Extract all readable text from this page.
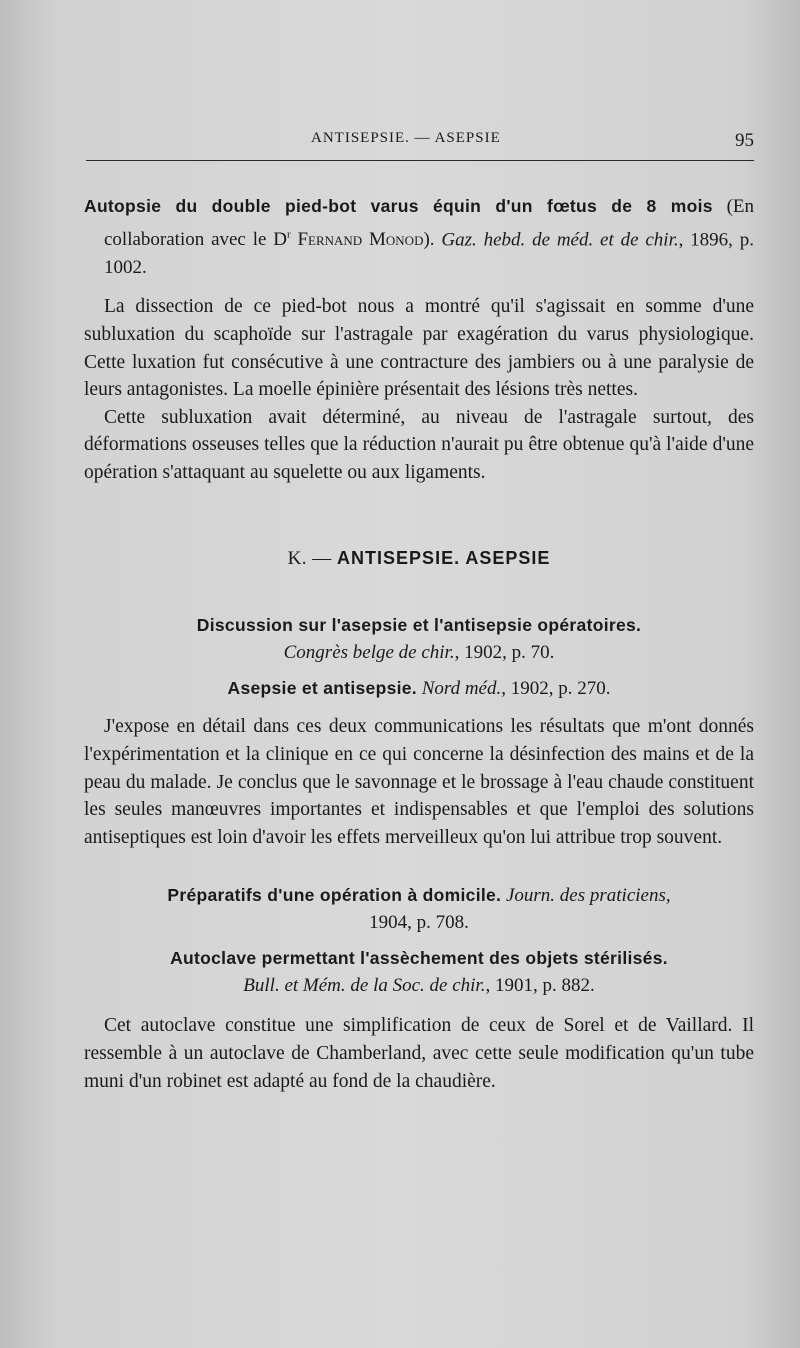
ANTISEPSIE. — ASEPSIE	95

Autopsie du double pied-bot varus équin d'un fœtus de 8 mois (En collaboration avec le $D^r$ Fernand Monod). Gaz. hebd. de méd. et de chir., 1896, p. 1002.

La dissection de ce pied-bot nous a montré qu'il s'agissait en somme d'une subluxation du scaphoïde sur l'astragale par exagération du varus physiologique. Cette luxation fut consécutive à une contracture des jambiers ou à une paralysie de leurs antagonistes. La moelle épinière présentait des lésions très nettes.

Cette subluxation avait déterminé, au niveau de l'astragale surtout, des déformations osseuses telles que la réduction n'aurait pu être obtenue qu'à l'aide d'une opération s'attaquant au squelette ou aux ligaments.

K. — ANTISEPSIE. ASEPSIE

Discussion sur l'asepsie et l'antisepsie opératoires.
Congrès belge de chir., 1902, p. 70.

Asepsie et antisepsie. Nord méd., 1902, p. 270.

J'expose en détail dans ces deux communications les résultats que m'ont donnés l'expérimentation et la clinique en ce qui concerne la désinfection des mains et de la peau du malade. Je conclus que le savonnage et le brossage à l'eau chaude constituent les seules manœuvres importantes et indispensables et que l'emploi des solutions antiseptiques est loin d'avoir les effets merveilleux qu'on lui attribue trop souvent.

Préparatifs d'une opération à domicile. Journ. des praticiens,
1904, p. 708.

Autoclave permettant l'assèchement des objets stérilisés.
Bull. et Mém. de la Soc. de chir., 1901, p. 882.

Cet autoclave constitue une simplification de ceux de Sorel et de Vaillard. Il ressemble à un autoclave de Chamberland, avec cette seule modification qu'un tube muni d'un robinet est adapté au fond de la chaudière.
